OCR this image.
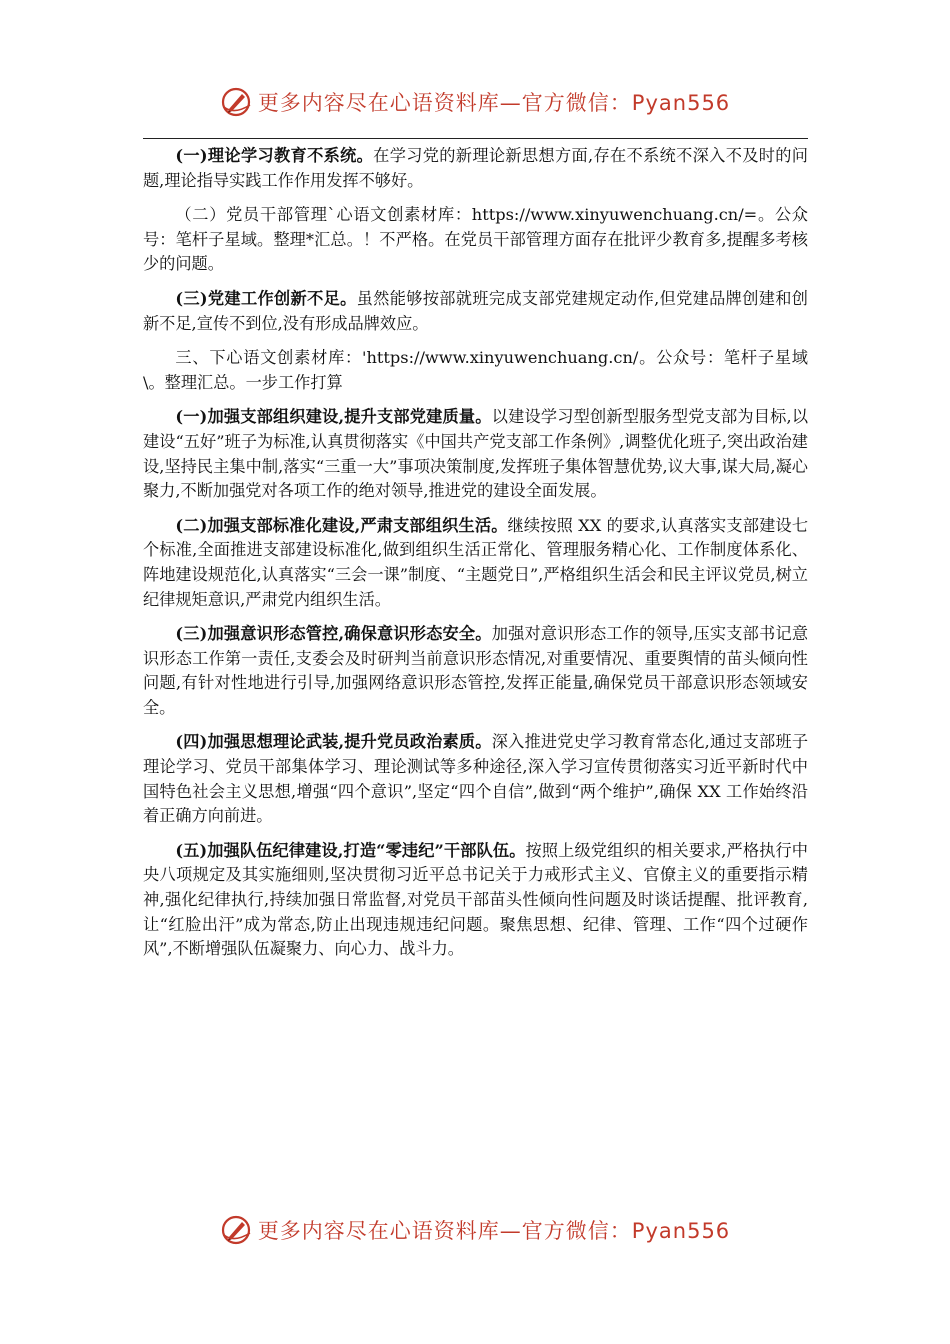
更多内容尽在心语资料库—官方微信：Pyan556

(一)理论学习教育不系统。在学习党的新理论新思想方面,存在不系统不深入不及时的问题,理论指导实践工作作用发挥不够好。

（二）党员干部管理`心语文创素材库：https://www.xinyuwenchuang.cn/=。公众号：笔杆子星域。整理*汇总。！不严格。在党员干部管理方面存在批评少教育多,提醒多考核少的问题。

(三)党建工作创新不足。虽然能够按部就班完成支部党建规定动作,但党建品牌创建和创新不足,宣传不到位,没有形成品牌效应。

三、下心语文创素材库：'https://www.xinyuwenchuang.cn/。公众号：笔杆子星域\。整理汇总。一步工作打算

(一)加强支部组织建设,提升支部党建质量。以建设学习型创新型服务型党支部为目标,以建设“五好”班子为标准,认真贯彻落实《中国共产党支部工作条例》,调整优化班子,突出政治建设,坚持民主集中制,落实“三重一大”事项决策制度,发挥班子集体智慧优势,议大事,谋大局,凝心聚力,不断加强党对各项工作的绝对领导,推进党的建设全面发展。

(二)加强支部标准化建设,严肃支部组织生活。继续按照 XX 的要求,认真落实支部建设七个标准,全面推进支部建设标准化,做到组织生活正常化、管理服务精心化、工作制度体系化、阵地建设规范化,认真落实“三会一课”制度、“主题党日”,严格组织生活会和民主评议党员,树立纪律规矩意识,严肃党内组织生活。

(三)加强意识形态管控,确保意识形态安全。加强对意识形态工作的领导,压实支部书记意识形态工作第一责任,支委会及时研判当前意识形态情况,对重要情况、重要舆情的苗头倾向性问题,有针对性地进行引导,加强网络意识形态管控,发挥正能量,确保党员干部意识形态领域安全。

(四)加强思想理论武装,提升党员政治素质。深入推进党史学习教育常态化,通过支部班子理论学习、党员干部集体学习、理论测试等多种途径,深入学习宣传贯彻落实习近平新时代中国特色社会主义思想,增强“四个意识”,坚定“四个自信”,做到“两个维护”,确保 XX 工作始终沿着正确方向前进。

(五)加强队伍纪律建设,打造“零违纪”干部队伍。按照上级党组织的相关要求,严格执行中央八项规定及其实施细则,坚决贯彻习近平总书记关于力戒形式主义、官僚主义的重要指示精神,强化纪律执行,持续加强日常监督,对党员干部苗头性倾向性问题及时谈话提醒、批评教育,让“红脸出汗”成为常态,防止出现违规违纪问题。聚焦思想、纪律、管理、工作“四个过硬作风”,不断增强队伍凝聚力、向心力、战斗力。

更多内容尽在心语资料库—官方微信：Pyan556
